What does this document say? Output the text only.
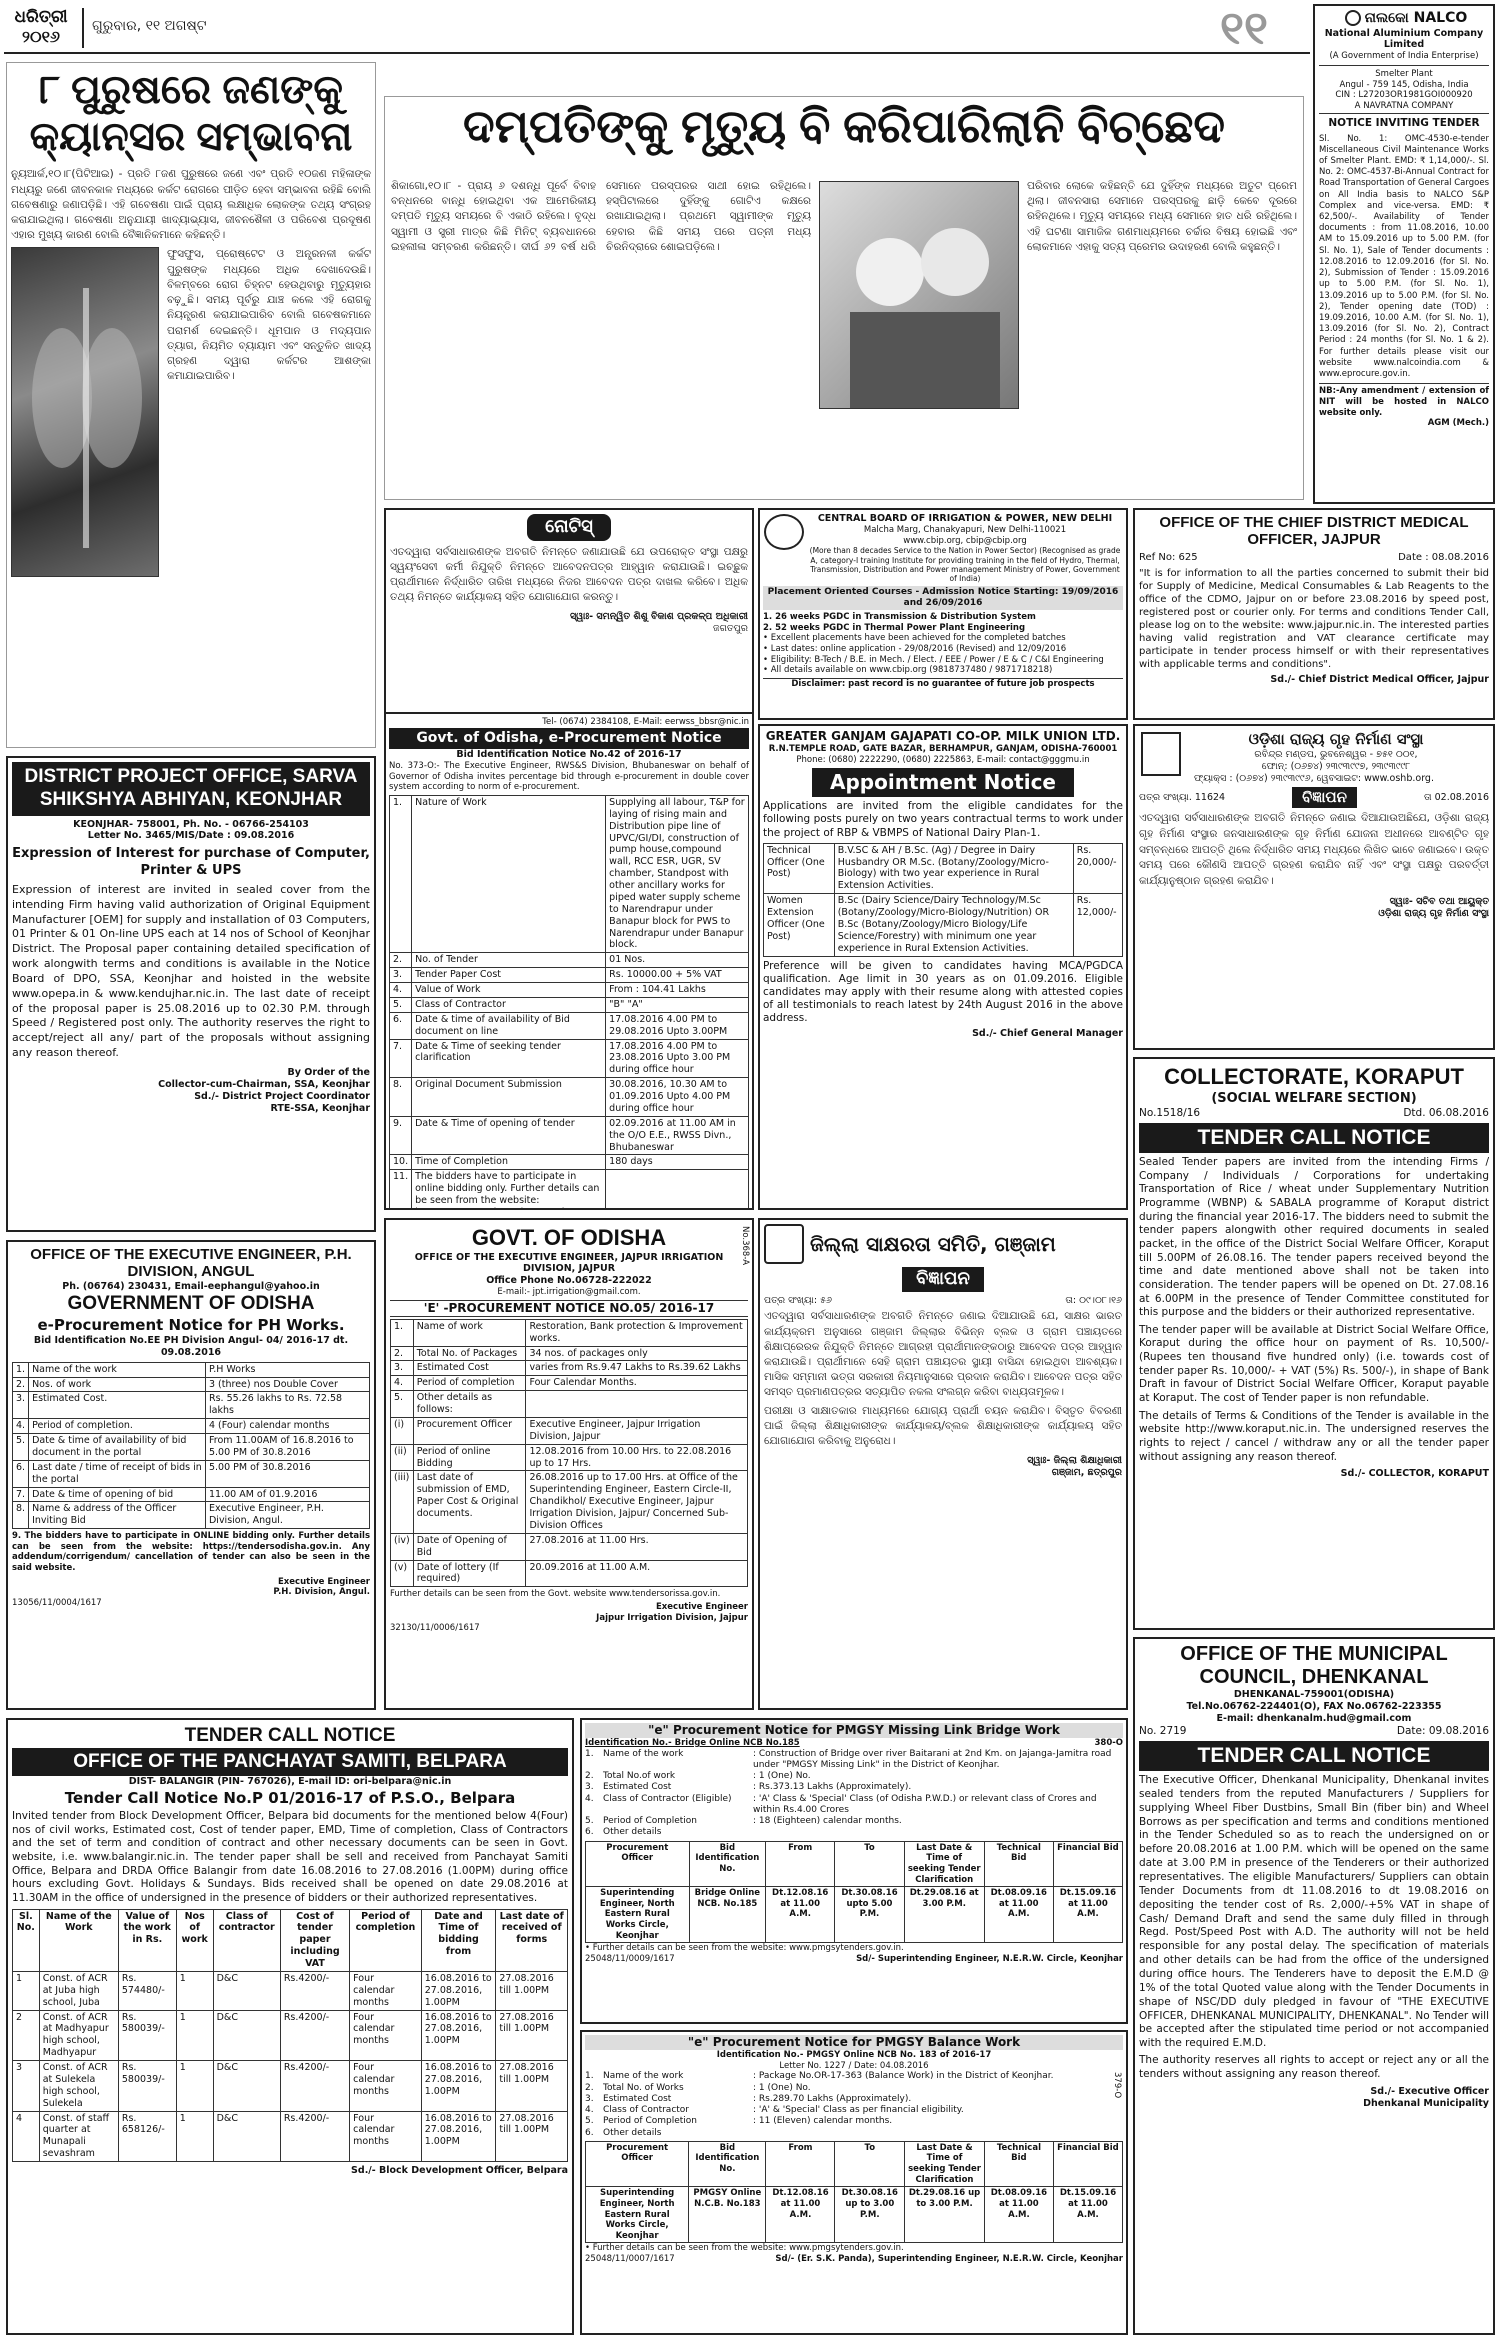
ଧରିତ୍ରୀ
୨୦୧୬
ଗୁରୁବାର, ୧୧ ଅଗଷ୍ଟ	୧୧	ନାଲକୋ NALCO
National Aluminium Company Limited
(A Government of India Enterprise)
Smelter Plant
Angul - 759 145, Odisha, India
CIN : L27203OR1981GOI000920
A NAVRATNA COMPANY
NOTICE INVITING TENDER
Sl. No. 1: OMC-4530-e-tender Miscellaneous Civil Maintenance Works of Smelter Plant. EMD: ₹ 1,14,000/-. Sl. No. 2: OMC-4537-Bi-Annual Contract for Road Transportation of General Cargoes on All India basis to NALCO S&P Complex and vice-versa. EMD: ₹ 62,500/-. Availability of Tender documents : from 11.08.2016, 10.00 AM to 15.09.2016 up to 5.00 P.M. (for Sl. No. 1), Sale of Tender documents : 12.08.2016 to 12.09.2016 (for Sl. No. 2), Submission of Tender : 15.09.2016 up to 5.00 P.M. (for Sl. No. 1), 13.09.2016 up to 5.00 P.M. (for Sl. No. 2), Tender opening date (TOD) : 19.09.2016, 10.00 A.M. (for Sl. No. 1), 13.09.2016 (for Sl. No. 2), Contract Period : 24 months (for Sl. No. 1 & 2). For further details please visit our website www.nalcoindia.com & www.eprocure.gov.in.
NB:-Any amendment / extension of NIT will be hosted in NALCO website only.
AGM (Mech.)
୮ ପୁରୁଷରେ ଜଣଙ୍କୁ କ୍ୟାନ୍ସର ସମ୍ଭାବନା
ନ୍ୟୁଆର୍କ,୧୦।୮(ପିଟିଆଇ) - ପ୍ରତି ୮ଜଣ ପୁରୁଷରେ ଜଣେ ଏବଂ ପ୍ରତି ୧୦ଜଣ ମହିଳାଙ୍କ ମଧ୍ୟରୁ ଜଣେ ଜୀବନକାଳ ମଧ୍ୟରେ କର୍କଟ ରୋଗରେ ପୀଡ଼ିତ ହେବା ସମ୍ଭାବନା ରହିଛି ବୋଲି ଗବେଷଣାରୁ ଜଣାପଡ଼ିଛି। ଏହି ଗବେଷଣା ପାଇଁ ପ୍ରାୟ ଲକ୍ଷାଧିକ ଲୋକଙ୍କ ତଥ୍ୟ ସଂଗ୍ରହ କରାଯାଇଥିଲା। ଗବେଷଣା ଅନୁଯାୟୀ ଖାଦ୍ୟାଭ୍ୟାସ, ଜୀବନଶୈଳୀ ଓ ପରିବେଶ ପ୍ରଦୂଷଣ ଏହାର ମୁଖ୍ୟ କାରଣ ବୋଲି ବୈଜ୍ଞାନିକମାନେ କହିଛନ୍ତି।
ଫୁସଫୁସ, ପ୍ରୋଷ୍ଟେଟ ଓ ଅନ୍ତ୍ରନଳୀ କର୍କଟ ପୁରୁଷଙ୍କ ମଧ୍ୟରେ ଅଧିକ ଦେଖାଦେଉଛି। ବିଳମ୍ବରେ ରୋଗ ଚିହ୍ନଟ ହେଉଥିବାରୁ ମୃତ୍ୟୁହାର ବଢ଼ୁଛି। ସମୟ ପୂର୍ବରୁ ଯାଞ୍ଚ କଲେ ଏହି ରୋଗକୁ ନିୟନ୍ତ୍ରଣ କରାଯାଇପାରିବ ବୋଲି ଗବେଷକମାନେ ପରାମର୍ଶ ଦେଇଛନ୍ତି। ଧୂମପାନ ଓ ମଦ୍ୟପାନ ତ୍ୟାଗ, ନିୟମିତ ବ୍ୟାୟାମ ଏବଂ ସନ୍ତୁଳିତ ଖାଦ୍ୟ ଗ୍ରହଣ ଦ୍ୱାରା କର୍କଟର ଆଶଙ୍କା କମାଯାଇପାରିବ।
ଦମ୍ପତିଙ୍କୁ ମୃତ୍ୟୁ ବି କରିପାରିଲାନି ବିଚ୍ଛେଦ
ଶିକାଗୋ,୧୦।୮ - ପ୍ରାୟ ୬ ଦଶନ୍ଧି ପୂର୍ବେ ବିବାହ ବନ୍ଧନରେ ବାନ୍ଧି ହୋଇଥିବା ଏକ ଆମେରିକୀୟ ଦମ୍ପତି ମୃତ୍ୟୁ ସମୟରେ ବି ଏକାଠି ରହିଲେ। ବୃଦ୍ଧ ସ୍ୱାମୀ ଓ ସ୍ତ୍ରୀ ମାତ୍ର କିଛି ମିନିଟ୍ ବ୍ୟବଧାନରେ ଇହଲୀଳା ସମ୍ବରଣ କରିଛନ୍ତି। ଦୀର୍ଘ ୬୨ ବର୍ଷ ଧରି ସେମାନେ ପରସ୍ପରର ସାଥୀ ହୋଇ ରହିଥିଲେ। ହସ୍ପିଟାଲରେ ଦୁହିଁଙ୍କୁ ଗୋଟିଏ କକ୍ଷରେ ରଖାଯାଇଥିଲା। ପ୍ରଥମେ ସ୍ୱାମୀଙ୍କ ମୃତ୍ୟୁ ହେବାର କିଛି ସମୟ ପରେ ପତ୍ନୀ ମଧ୍ୟ ଚିରନିଦ୍ରାରେ ଶୋଇପଡ଼ିଲେ।
ପରିବାର ଲୋକେ କହିଛନ୍ତି ଯେ ଦୁହିଁଙ୍କ ମଧ୍ୟରେ ଅତୁଟ ପ୍ରେମ ଥିଲା। ଜୀବନସାରା ସେମାନେ ପରସ୍ପରକୁ ଛାଡ଼ି କେବେ ଦୂରରେ ରହିନଥିଲେ। ମୃତ୍ୟୁ ସମୟରେ ମଧ୍ୟ ସେମାନେ ହାତ ଧରି ରହିଥିଲେ। ଏହି ଘଟଣା ସାମାଜିକ ଗଣମାଧ୍ୟମରେ ଚର୍ଚ୍ଚାର ବିଷୟ ହୋଇଛି ଏବଂ ଲୋକମାନେ ଏହାକୁ ସତ୍ୟ ପ୍ରେମର ଉଦାହରଣ ବୋଲି କହୁଛନ୍ତି।
ନୋଟିସ୍
ଏତଦ୍ୱାରା ସର୍ବସାଧାରଣଙ୍କ ଅବଗତି ନିମନ୍ତେ ଜଣାଯାଉଛି ଯେ ଉପରୋକ୍ତ ସଂସ୍ଥା ପକ୍ଷରୁ ସ୍ୱୟଂସେବୀ କର୍ମୀ ନିଯୁକ୍ତି ନିମନ୍ତେ ଆବେଦନପତ୍ର ଆହ୍ୱାନ କରାଯାଉଛି। ଇଚ୍ଛୁକ ପ୍ରାର୍ଥୀମାନେ ନିର୍ଦ୍ଧାରିତ ତାରିଖ ମଧ୍ୟରେ ନିଜର ଆବେଦନ ପତ୍ର ଦାଖଲ କରିବେ। ଅଧିକ ତଥ୍ୟ ନିମନ୍ତେ କାର୍ଯ୍ୟାଳୟ ସହିତ ଯୋଗାଯୋଗ କରନ୍ତୁ।
ସ୍ୱାଃ- ସମନ୍ୱିତ ଶିଶୁ ବିକାଶ ପ୍ରକଳ୍ପ ଅଧିକାରୀ
ଜଗତପୁର
CENTRAL BOARD OF IRRIGATION & POWER, NEW DELHI
Malcha Marg, Chanakyapuri, New Delhi-110021
www.cbip.org, cbip@cbip.org
(More than 8 decades Service to the Nation in Power Sector) (Recognised as grade A, category-I training Institute for providing training in the field of Hydro, Thermal, Transmission, Distribution and Power management Ministry of Power, Government of India)
Placement Oriented Courses - Admission Notice Starting: 19/09/2016 and 26/09/2016
1. 26 weeks PGDC in Transmission & Distribution System
2. 52 weeks PGDC in Thermal Power Plant Engineering
• Excellent placements have been achieved for the completed batches
• Last dates: online application - 29/08/2016 (Revised) and 12/09/2016
• Eligibility: B-Tech / B.E. in Mech. / Elect. / EEE / Power / E & C / C&I Engineering
• All details available on www.cbip.org (9818737480 / 9871718218)
Disclaimer: past record is no guarantee of future job prospects
OFFICE OF THE CHIEF DISTRICT MEDICAL OFFICER, JAJPUR
Ref No: 625	Date : 08.08.2016
"It is for information to all the parties concerned to submit their bid for Supply of Medicine, Medical Consumables & Lab Reagents to the office of the CDMO, Jajpur on or before 23.08.2016 by speed post, registered post or courier only. For terms and conditions Tender Call, please log on to the website: www.jajpur.nic.in. The interested parties having valid registration and VAT clearance certificate may participate in tender process himself or with their representatives with applicable terms and conditions".
Sd./- Chief District Medical Officer, Jajpur
DISTRICT PROJECT OFFICE, SARVA SHIKSHYA ABHIYAN, KEONJHAR
KEONJHAR- 758001, Ph. No. - 06766-254103
Letter No. 3465/MIS/Date : 09.08.2016
Expression of Interest for purchase of Computer, Printer & UPS
Expression of interest are invited in sealed cover from the intending Firm having valid authorization of Original Equipment Manufacturer [OEM] for supply and installation of 03 Computers, 01 Printer & 01 On-line UPS each at 14 nos of School of Keonjhar District. The Proposal paper containing detailed specification of work alongwith terms and conditions is available in the Notice Board of DPO, SSA, Keonjhar and hoisted in the website www.opepa.in & www.kendujhar.nic.in. The last date of receipt of the proposal paper is 25.08.2016 up to 02.30 P.M. through Speed / Registered post only. The authority reserves the right to accept/reject all any/ part of the proposals without assigning any reason thereof.
By Order of the
Collector-cum-Chairman, SSA, Keonjhar
Sd./- District Project Coordinator
RTE-SSA, Keonjhar
Tel- (0674) 2384108, E-Mail: eerwss_bbsr@nic.in
Govt. of Odisha, e-Procurement Notice
Bid Identification Notice No.42 of 2016-17
No. 373-O:- The Executive Engineer, RWS&S Division, Bhubaneswar on behalf of Governor of Odisha invites percentage bid through e-procurement in double cover system according to norm of e-procurement.
1.	Nature of Work	Supplying all labour, T&P for laying of rising main and Distribution pipe line of UPVC/GI/DI, construction of pump house,compound wall, RCC ESR, UGR, SV chamber, Standpost with other ancillary works for piped water supply scheme to Narendrapur under Banapur block for PWS to Narendrapur under Banapur block.
2.	No. of Tender	01 Nos.
3.	Tender Paper Cost	Rs. 10000.00 + 5% VAT
4.	Value of Work	From : 104.41 Lakhs
5.	Class of Contractor	"B" "A"
6.	Date & time of availability of Bid document on line	17.08.2016 4.00 PM to 29.08.2016 Upto 3.00PM
7.	Date & Time of seeking tender clarification	17.08.2016 4.00 PM to 23.08.2016 Upto 3.00 PM during office hour
8.	Original Document Submission	30.08.2016, 10.30 AM to 01.09.2016 Upto 4.00 PM during office hour
9.	Date & Time of opening of tender	02.09.2016 at 11.00 AM in the O/O E.E., RWSS Divn., Bhubaneswar
10.	Time of Completion	180 days
11.	The bidders have to participate in online bidding only. Further details can be seen from the website:	
GREATER GANJAM GAJAPATI CO-OP. MILK UNION LTD.
R.N.TEMPLE ROAD, GATE BAZAR, BERHAMPUR, GANJAM, ODISHA-760001
Phone: (0680) 2222290, (0680) 2225863, E-mail: contact@gggmu.in
Appointment Notice
Applications are invited from the eligible candidates for the following posts purely on two years contractual terms to work under the project of RBP & VBMPS of National Dairy Plan-1.
Technical Officer (One Post)	B.V.SC & AH / B.Sc. (Ag) / Degree in Dairy Husbandry OR M.Sc. (Botany/Zoology/Micro-Biology) with two year experience in Rural Extension Activities.	Rs. 20,000/-
Women Extension Officer (One Post)	B.Sc (Dairy Science/Dairy Technology/M.Sc (Botany/Zoology/Micro-Biology/Nutrition) OR B.Sc (Botany/Zoology/Micro Biology/Life Science/Forestry) with minimum one year experience in Rural Extension Activities.	Rs. 12,000/-
Preference will be given to candidates having MCA/PGDCA qualification. Age limit in 30 years as on 01.09.2016. Eligible candidates may apply with their resume along with attested copies of all testimonials to reach latest by 24th August 2016 in the above address.
Sd./- Chief General Manager
ଓଡ଼ିଶା ରାଜ୍ୟ ଗୃହ ନିର୍ମାଣ ସଂସ୍ଥା
ରବିନ୍ଦ୍ର ମଣ୍ଡପ, ଭୁବନେଶ୍ୱର - ୭୫୧ ୦୦୧,
ଫୋନ୍: (୦୬୭୪) ୨୩୯୩୯୯୭, ୨୩୯୩୯୯୮
ଫ୍ୟାକ୍ସ : (୦୬୭୪) ୨୩୯୩୯୯୬, ୱେବସାଇଟ: www.oshb.org.
ପତ୍ର ସଂଖ୍ୟା. 11624	ବିଜ୍ଞାପନ	ତା 02.08.2016
ଏତଦ୍ୱାରା ସର୍ବସାଧାରଣଙ୍କ ଅବଗତି ନିମନ୍ତେ ଜଣାଇ ଦିଆଯାଉଅଛିଯେ, ଓଡ଼ିଶା ରାଜ୍ୟ ଗୃହ ନିର୍ମାଣ ସଂସ୍ଥାର ଜନସାଧାରଣଙ୍କ ଗୃହ ନିର୍ମାଣ ଯୋଜନା ଅଧୀନରେ ଆବଣ୍ଟିତ ଗୃହ ସମ୍ବନ୍ଧରେ ଆପତ୍ତି ଥିଲେ ନିର୍ଦ୍ଧାରିତ ସମୟ ମଧ୍ୟରେ ଲିଖିତ ଭାବେ ଜଣାଇବେ। ଉକ୍ତ ସମୟ ପରେ କୌଣସି ଆପତ୍ତି ଗ୍ରହଣ କରାଯିବ ନାହିଁ ଏବଂ ସଂସ୍ଥା ପକ୍ଷରୁ ପରବର୍ତ୍ତୀ କାର୍ଯ୍ୟାନୁଷ୍ଠାନ ଗ୍ରହଣ କରାଯିବ।
ସ୍ୱାଃ- ସଚିବ ତଥା ଆୟୁକ୍ତ
ଓଡ଼ିଶା ରାଜ୍ୟ ଗୃହ ନିର୍ମାଣ ସଂସ୍ଥା
COLLECTORATE, KORAPUT
(SOCIAL WELFARE SECTION)
No.1518/16	Dtd. 06.08.2016
TENDER CALL NOTICE
Sealed Tender papers are invited from the intending Firms / Company / Individuals / Corporations for undertaking Transportation of Rice / wheat under Supplementary Nutrition Programme (WBNP) & SABALA programme of Koraput district during the financial year 2016-17. The bidders need to submit the tender papers alongwith other required documents in sealed packet, in the office of the District Social Welfare Officer, Koraput till 5.00PM of 26.08.16. The tender papers received beyond the time and date mentioned above shall not be taken into consideration. The tender papers will be opened on Dt. 27.08.16 at 6.00PM in the presence of Tender Committee constituted for this purpose and the bidders or their authorized representative.
The tender paper will be available at District Social Welfare Office, Koraput during the office hour on payment of Rs. 10,500/- (Rupees ten thousand five hundred only) (i.e. towards cost of tender paper Rs. 10,000/- + VAT (5%) Rs. 500/-), in shape of Bank Draft in favour of District Social Welfare Officer, Koraput payable at Koraput. The cost of Tender paper is non refundable.
The details of Terms & Conditions of the Tender is available in the website http://www.koraput.nic.in. The undersigned reserves the rights to reject / cancel / withdraw any or all the tender paper without assigning any reason thereof.
Sd./- COLLECTOR, KORAPUT
OFFICE OF THE EXECUTIVE ENGINEER, P.H. DIVISION, ANGUL
Ph. (06764) 230431, Email-eephangul@yahoo.in
GOVERNMENT OF ODISHA
e-Procurement Notice for PH Works.
Bid Identification No.EE PH Division Angul- 04/ 2016-17 dt. 09.08.2016
1.	Name of the work	P.H Works
2.	Nos. of work	3 (three) nos Double Cover
3.	Estimated Cost.	Rs. 55.26 lakhs to Rs. 72.58 lakhs
4.	Period of completion.	4 (Four) calendar months
5.	Date & time of availability of bid document in the portal	From 11.00AM of 16.8.2016 to 5.00 PM of 30.8.2016
6.	Last date / time of receipt of bids in the portal	5.00 PM of 30.8.2016
7.	Date & time of opening of bid	11.00 AM of 01.9.2016
8.	Name & address of the Officer Inviting Bid	Executive Engineer, P.H. Division, Angul.
9. The bidders have to participate in ONLINE bidding only. Further details can be seen from the website: https://tendersodisha.gov.in. Any addendum/corrigendum/ cancellation of tender can also be seen in the said website.
Executive Engineer
P.H. Division, Angul.
13056/11/0004/1617
GOVT. OF ODISHA
OFFICE OF THE EXECUTIVE ENGINEER, JAJPUR IRRIGATION DIVISION, JAJPUR
Office Phone No.06728-222022
E-mail:- jpt.irrigation@gmail.com.
'E' -PROCUREMENT NOTICE NO.05/ 2016-17
1.	Name of work	Restoration, Bank protection & Improvement works.
2.	Total No. of Packages	34 nos. of packages only
3.	Estimated Cost	varies from Rs.9.47 Lakhs to Rs.39.62 Lakhs
4.	Period of completion	Four Calendar Months.
5.	Other details as follows:	
(i)	Procurement Officer	Executive Engineer, Jajpur Irrigation Division, Jajpur
(ii)	Period of online Bidding	12.08.2016 from 10.00 Hrs. to 22.08.2016 up to 17 Hrs.
(iii)	Last date of submission of EMD, Paper Cost & Original documents.	26.08.2016 up to 17.00 Hrs. at Office of the Superintending Engineer, Eastern Circle-II, Chandikhol/ Executive Engineer, Jajpur Irrigation Division, Jajpur/ Concerned Sub-Division Offices
(iv)	Date of Opening of Bid	27.08.2016 at 11.00 Hrs.
(v)	Date of lottery (If required)	20.09.2016 at 11.00 A.M.
Further details can be seen from the Govt. website www.tendersorissa.gov.in.
Executive Engineer
Jajpur Irrigation Division, Jajpur
32130/11/0006/1617
No.368-A	ଜିଲ୍ଲା ସାକ୍ଷରତା ସମିତି, ଗଞ୍ଜାମ
ବିଜ୍ଞାପନ
ପତ୍ର ସଂଖ୍ୟା: ୫୬	ତା: ୦୯।୦୮।୧୬
ଏତଦ୍ୱାରା ସର୍ବସାଧାରଣଙ୍କ ଅବଗତି ନିମନ୍ତେ ଜଣାଇ ଦିଆଯାଉଛି ଯେ, ସାକ୍ଷର ଭାରତ କାର୍ଯ୍ୟକ୍ରମ ଅନୁସାରେ ଗଞ୍ଜାମ ଜିଲ୍ଲାର ବିଭିନ୍ନ ବ୍ଲକ ଓ ଗ୍ରାମ ପଞ୍ଚାୟତରେ ଶିକ୍ଷାପ୍ରେରକ ନିଯୁକ୍ତି ନିମନ୍ତେ ଆଗ୍ରହୀ ପ୍ରାର୍ଥୀମାନଙ୍କଠାରୁ ଆବେଦନ ପତ୍ର ଆହ୍ୱାନ କରାଯାଉଛି। ପ୍ରାର୍ଥୀମାନେ ସେହି ଗ୍ରାମ ପଞ୍ଚାୟତର ସ୍ଥାୟୀ ବାସିନ୍ଦା ହୋଇଥିବା ଆବଶ୍ୟକ। ମାସିକ ସମ୍ମାନୀ ଭତ୍ତା ସରକାରୀ ନିୟମାନୁସାରେ ପ୍ରଦାନ କରାଯିବ। ଆବେଦନ ପତ୍ର ସହିତ ସମସ୍ତ ପ୍ରମାଣପତ୍ରର ସତ୍ୟାପିତ ନକଲ ସଂଲଗ୍ନ କରିବା ବାଧ୍ୟତାମୂଳକ।
ପରୀକ୍ଷା ଓ ସାକ୍ଷାତକାର ମାଧ୍ୟମରେ ଯୋଗ୍ୟ ପ୍ରାର୍ଥୀ ଚୟନ କରାଯିବ। ବିସ୍ତୃତ ବିବରଣୀ ପାଇଁ ଜିଲ୍ଲା ଶିକ୍ଷାଧିକାରୀଙ୍କ କାର୍ଯ୍ୟାଳୟ/ବ୍ଲକ ଶିକ୍ଷାଧିକାରୀଙ୍କ କାର୍ଯ୍ୟାଳୟ ସହିତ ଯୋଗାଯୋଗ କରିବାକୁ ଅନୁରୋଧ।
ସ୍ୱାଃ- ଜିଲ୍ଲା ଶିକ୍ଷାଧିକାରୀ
ଗଞ୍ଜାମ, ଛତ୍ରପୁର
TENDER CALL NOTICE
OFFICE OF THE PANCHAYAT SAMITI, BELPARA
DIST- BALANGIR (PIN- 767026), E-mail ID: ori-belpara@nic.in
Tender Call Notice No.P 01/2016-17 of P.S.O., Belpara
Invited tender from Block Development Officer, Belpara bid documents for the mentioned below 4(Four) nos of civil works, Estimated cost, Cost of tender paper, EMD, Time of completion, Class of Contractors and the set of term and condition of contract and other necessary documents can be seen in Govt. website, i.e. www.balangir.nic.in. The tender paper shall be sell and received from Panchayat Samiti Office, Belpara and DRDA Office Balangir from date 16.08.2016 to 27.08.2016 (1.00PM) during office hours excluding Govt. Holidays & Sundays. Bids received shall be opened on date 29.08.2016 at 11.30AM in the office of undersigned in the presence of bidders or their authorized representatives.
Sl. No.	Name of the Work	Value of the work in Rs.	Nos of work	Class of contractor	Cost of tender paper including VAT	Period of completion	Date and Time of bidding from	Last date of received of forms
1	Const. of ACR at Juba high school, Juba	Rs. 574480/-	1	D&C	Rs.4200/-	Four calendar months	16.08.2016 to 27.08.2016, 1.00PM	27.08.2016 till 1.00PM
2	Const. of ACR at Madhyapur high school, Madhyapur	Rs. 580039/-	1	D&C	Rs.4200/-	Four calendar months	16.08.2016 to 27.08.2016, 1.00PM	27.08.2016 till 1.00PM
3	Const. of ACR at Sulekela high school, Sulekela	Rs. 580039/-	1	D&C	Rs.4200/-	Four calendar months	16.08.2016 to 27.08.2016, 1.00PM	27.08.2016 till 1.00PM
4	Const. of staff quarter at Munapali sevashram	Rs. 658126/-	1	D&C	Rs.4200/-	Four calendar months	16.08.2016 to 27.08.2016, 1.00PM	27.08.2016 till 1.00PM
Sd./- Block Development Officer, Belpara
"e" Procurement Notice for PMGSY Missing Link Bridge Work
Identification No.- Bridge Online NCB No.185	380-O
1.	Name of the work	: Construction of Bridge over river Baitarani at 2nd Km. on Jajanga-Jamitra road under "PMGSY Missing Link" in the District of Keonjhar.
2.	Total No.of work	: 1 (One) No.
3.	Estimated Cost	: Rs.373.13 Lakhs (Approximately).
4.	Class of Contractor (Eligible)	: 'A' Class & 'Special' Class (of Odisha P.W.D.) or relevant class of Crores and within Rs.4.00 Crores
5.	Period of Completion	: 18 (Eighteen) calendar months.
6.	Other details
Procurement Officer	Bid Identification No.	From	To	Last Date & Time of seeking Tender Clarification	Technical Bid	Financial Bid
Superintending Engineer, North Eastern Rural Works Circle, Keonjhar	Bridge Online NCB. No.185	Dt.12.08.16 at 11.00 A.M.	Dt.30.08.16 upto 5.00 P.M.	Dt.29.08.16 at 3.00 P.M.	Dt.08.09.16 at 11.00 A.M.	Dt.15.09.16 at 11.00 A.M.
• Further details can be seen from the website: www.pmgsytenders.gov.in.
25048/11/0009/1617	Sd/- Superintending Engineer, N.E.R.W. Circle, Keonjhar
"e" Procurement Notice for PMGSY Balance Work
Identification No.- PMGSY Online NCB No. 183 of 2016-17
Letter No. 1227 / Date: 04.08.2016
379-O
1.	Name of the work	: Package No.OR-17-363 (Balance Work) in the District of Keonjhar.
2.	Total No. of Works	: 1 (One) No.
3.	Estimated Cost	: Rs.289.70 Lakhs (Approximately).
4.	Class of Contractor	: 'A' & 'Special' Class as per financial eligibility.
5.	Period of Completion	: 11 (Eleven) calendar months.
6.	Other details
Procurement Officer	Bid Identification No.	From	To	Last Date & Time of seeking Tender Clarification	Technical Bid	Financial Bid
Superintending Engineer, North Eastern Rural Works Circle, Keonjhar	PMGSY Online N.C.B. No.183	Dt.12.08.16 at 11.00 A.M.	Dt.30.08.16 up to 3.00 P.M.	Dt.29.08.16 up to 3.00 P.M.	Dt.08.09.16 at 11.00 A.M.	Dt.15.09.16 at 11.00 A.M.
• Further details can be seen from the website: www.pmgsytenders.gov.in.
25048/11/0007/1617	Sd/- (Er. S.K. Panda), Superintending Engineer, N.E.R.W. Circle, Keonjhar
OFFICE OF THE MUNICIPAL COUNCIL, DHENKANAL
DHENKANAL-759001(ODISHA)
Tel.No.06762-224401(O), FAX No.06762-223355
E-mail: dhenkanalm.hud@gmail.com
No. 2719	Date: 09.08.2016
TENDER CALL NOTICE
The Executive Officer, Dhenkanal Municipality, Dhenkanal invites sealed tenders from the reputed Manufacturers / Suppliers for supplying Wheel Fiber Dustbins, Small Bin (fiber bin) and Wheel Borrows as per specification and terms and conditions mentioned in the Tender Scheduled so as to reach the undersigned on or before 20.08.2016 at 1.00 P.M. which will be opened on the same date at 3.00 P.M in presence of the Tenderers or their authorized representatives. The eligible Manufacturers/ Suppliers can obtain Tender Documents from dt 11.08.2016 to dt 19.08.2016 on depositing the tender cost of Rs. 2,000/-+5% VAT in shape of Cash/ Demand Draft and send the same duly filled in through Regd. Post/Speed Post with A.D. The authority will not be held responsible for any postal delay. The specification of materials and other details can be had from the office of the undersigned during office hours. The Tenderers have to deposit the E.M.D @ 1% of the total Quoted value along with the Tender Documents in shape of NSC/DD duly pledged in favour of "THE EXECUTIVE OFFICER, DHENKANAL MUNICIPALITY, DHENKANAL". No Tender will be accepted after the stipulated time period or not accompanied with the required E.M.D.
The authority reserves all rights to accept or reject any or all the tenders without assigning any reason thereof.
Sd./- Executive Officer
Dhenkanal Municipality
